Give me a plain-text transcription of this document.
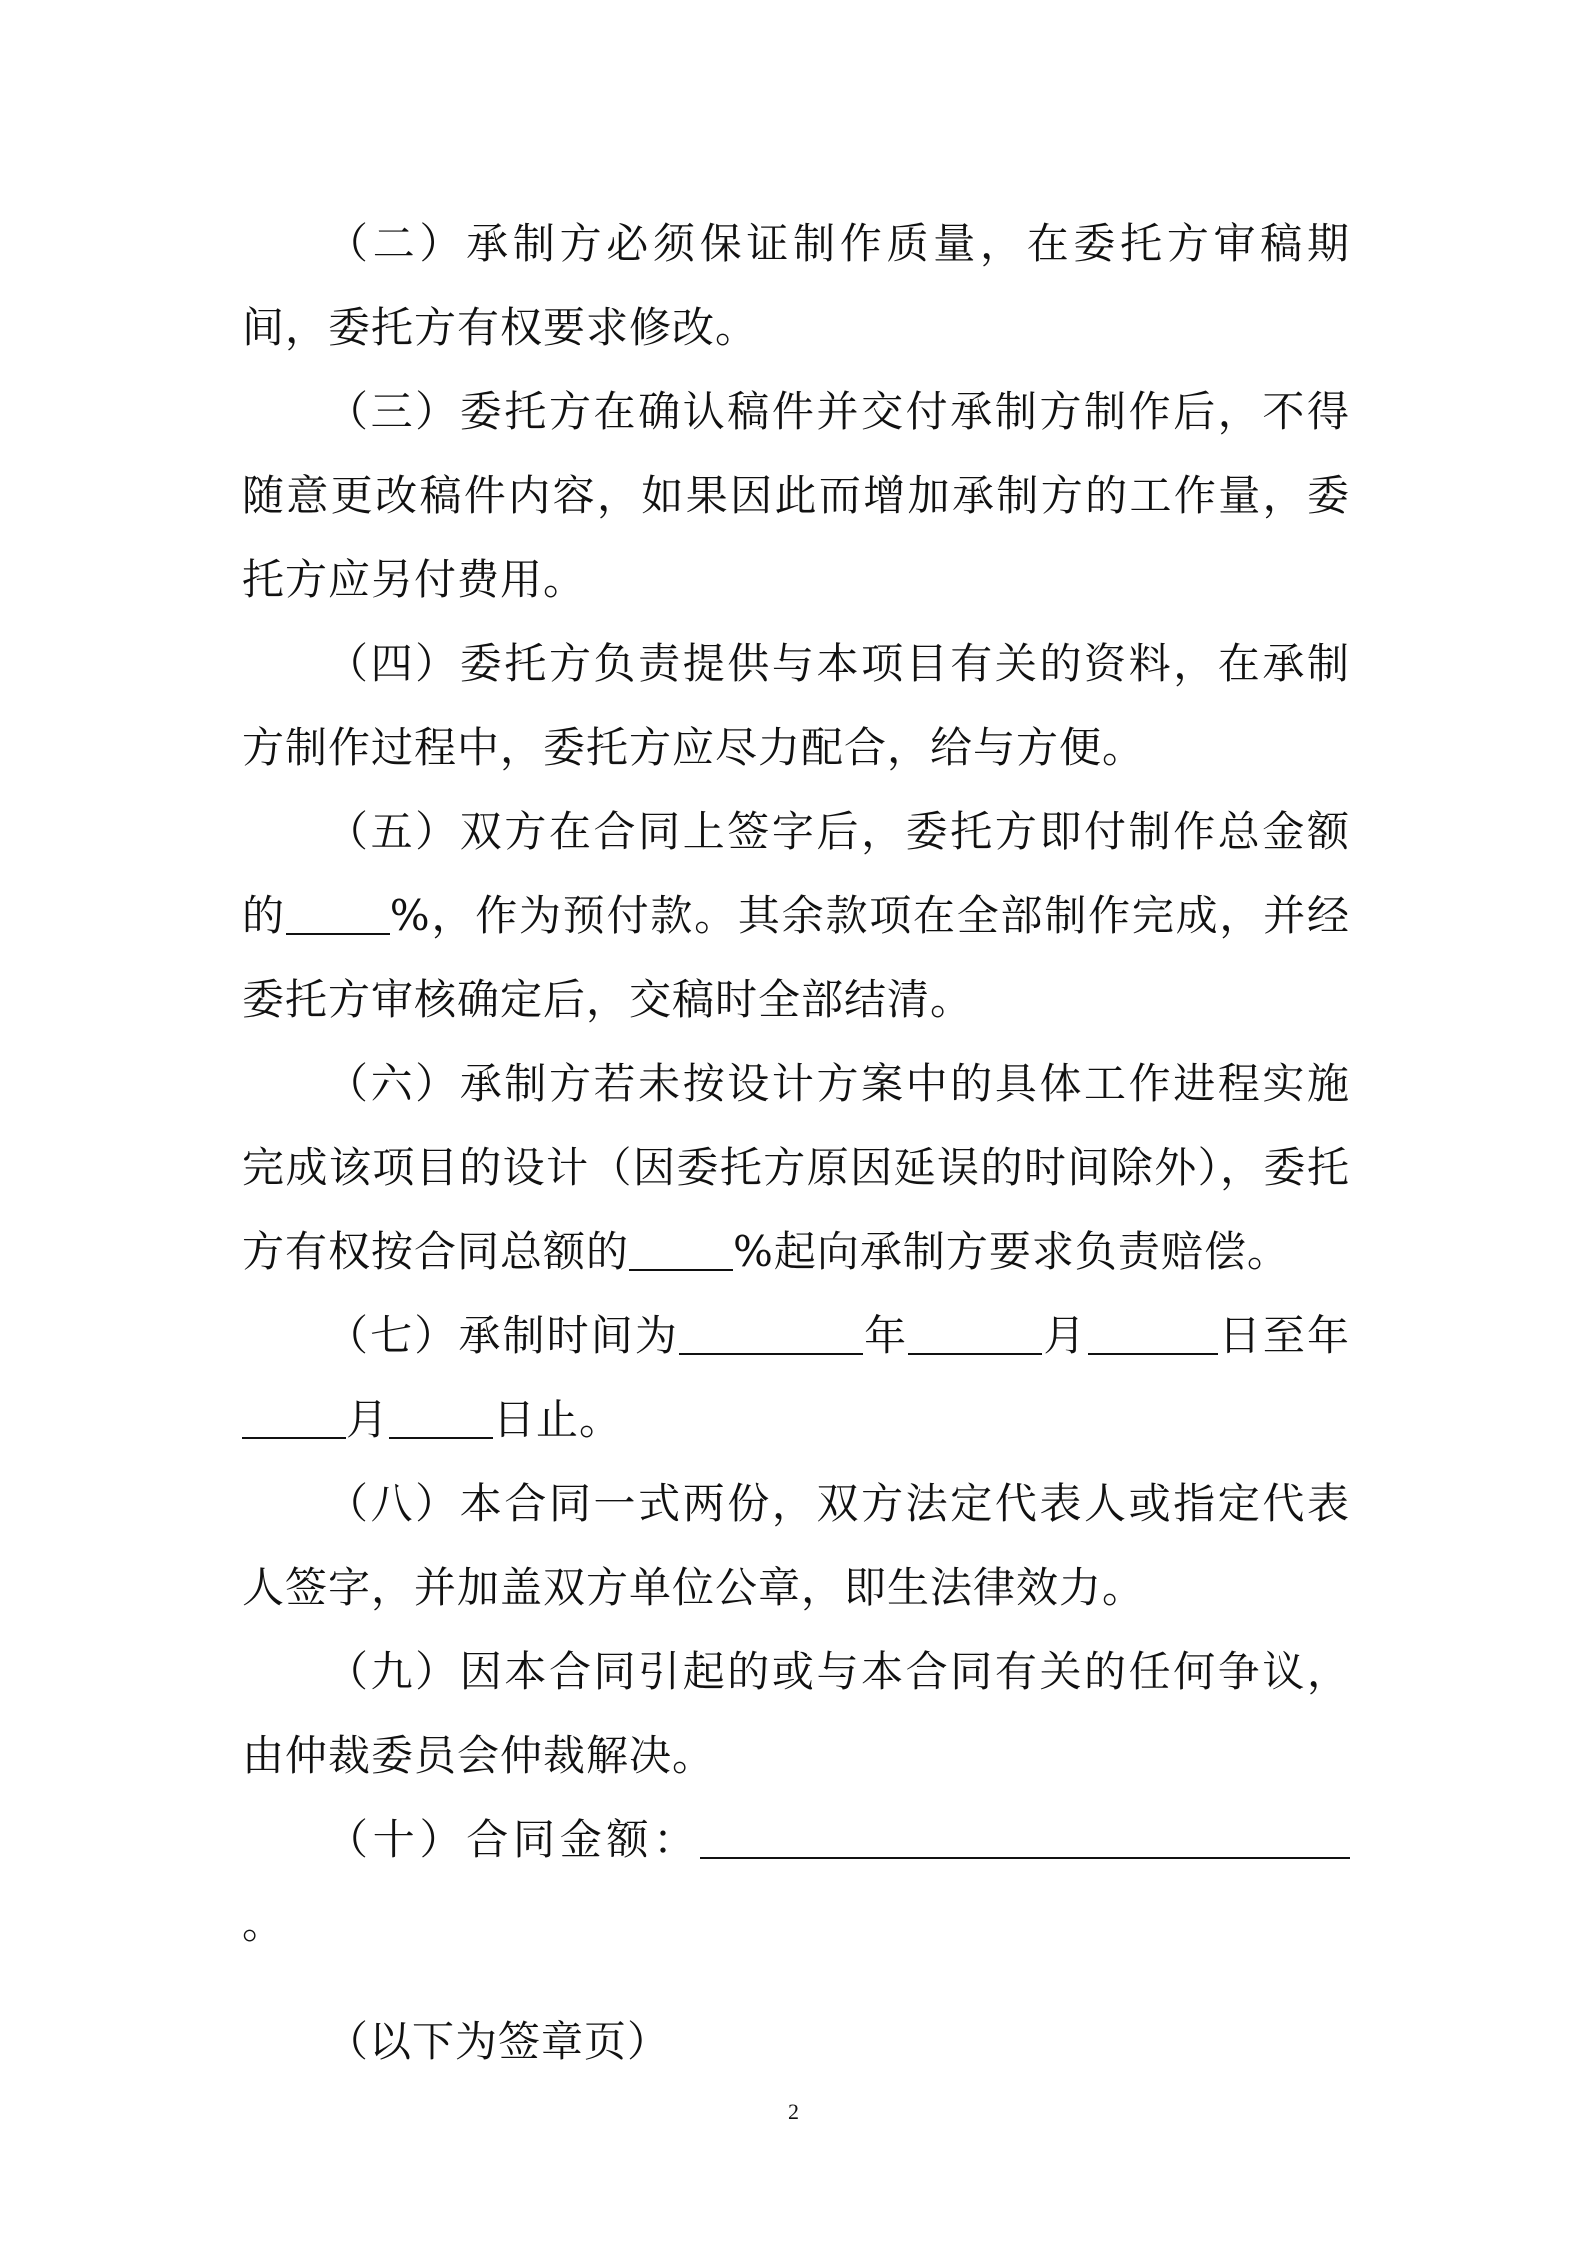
（二）承制方必须保证制作质量，在委托方审稿期间，委托方有权要求修改。

（三）委托方在确认稿件并交付承制方制作后，不得随意更改稿件内容，如果因此而增加承制方的工作量，委托方应另付费用。

（四）委托方负责提供与本项目有关的资料，在承制方制作过程中，委托方应尽力配合，给与方便。

（五）双方在合同上签字后，委托方即付制作总金额的 %，作为预付款。其余款项在全部制作完成，并经委托方审核确定后，交稿时全部结清。

（六）承制方若未按设计方案中的具体工作进程实施完成该项目的设计（因委托方原因延误的时间除外），委托方有权按合同总额的 %起向承制方要求负责赔偿。

（七）承制时间为	年	月	日至年月 日止。

（八）本合同一式两份，双方法定代表人或指定代表人签字，并加盖双方单位公章，即生法律效力。

（九）因本合同引起的或与本合同有关的任何争议，由仲裁委员会仲裁解决。

（十）合同金额：。

（以下为签章页）

2
